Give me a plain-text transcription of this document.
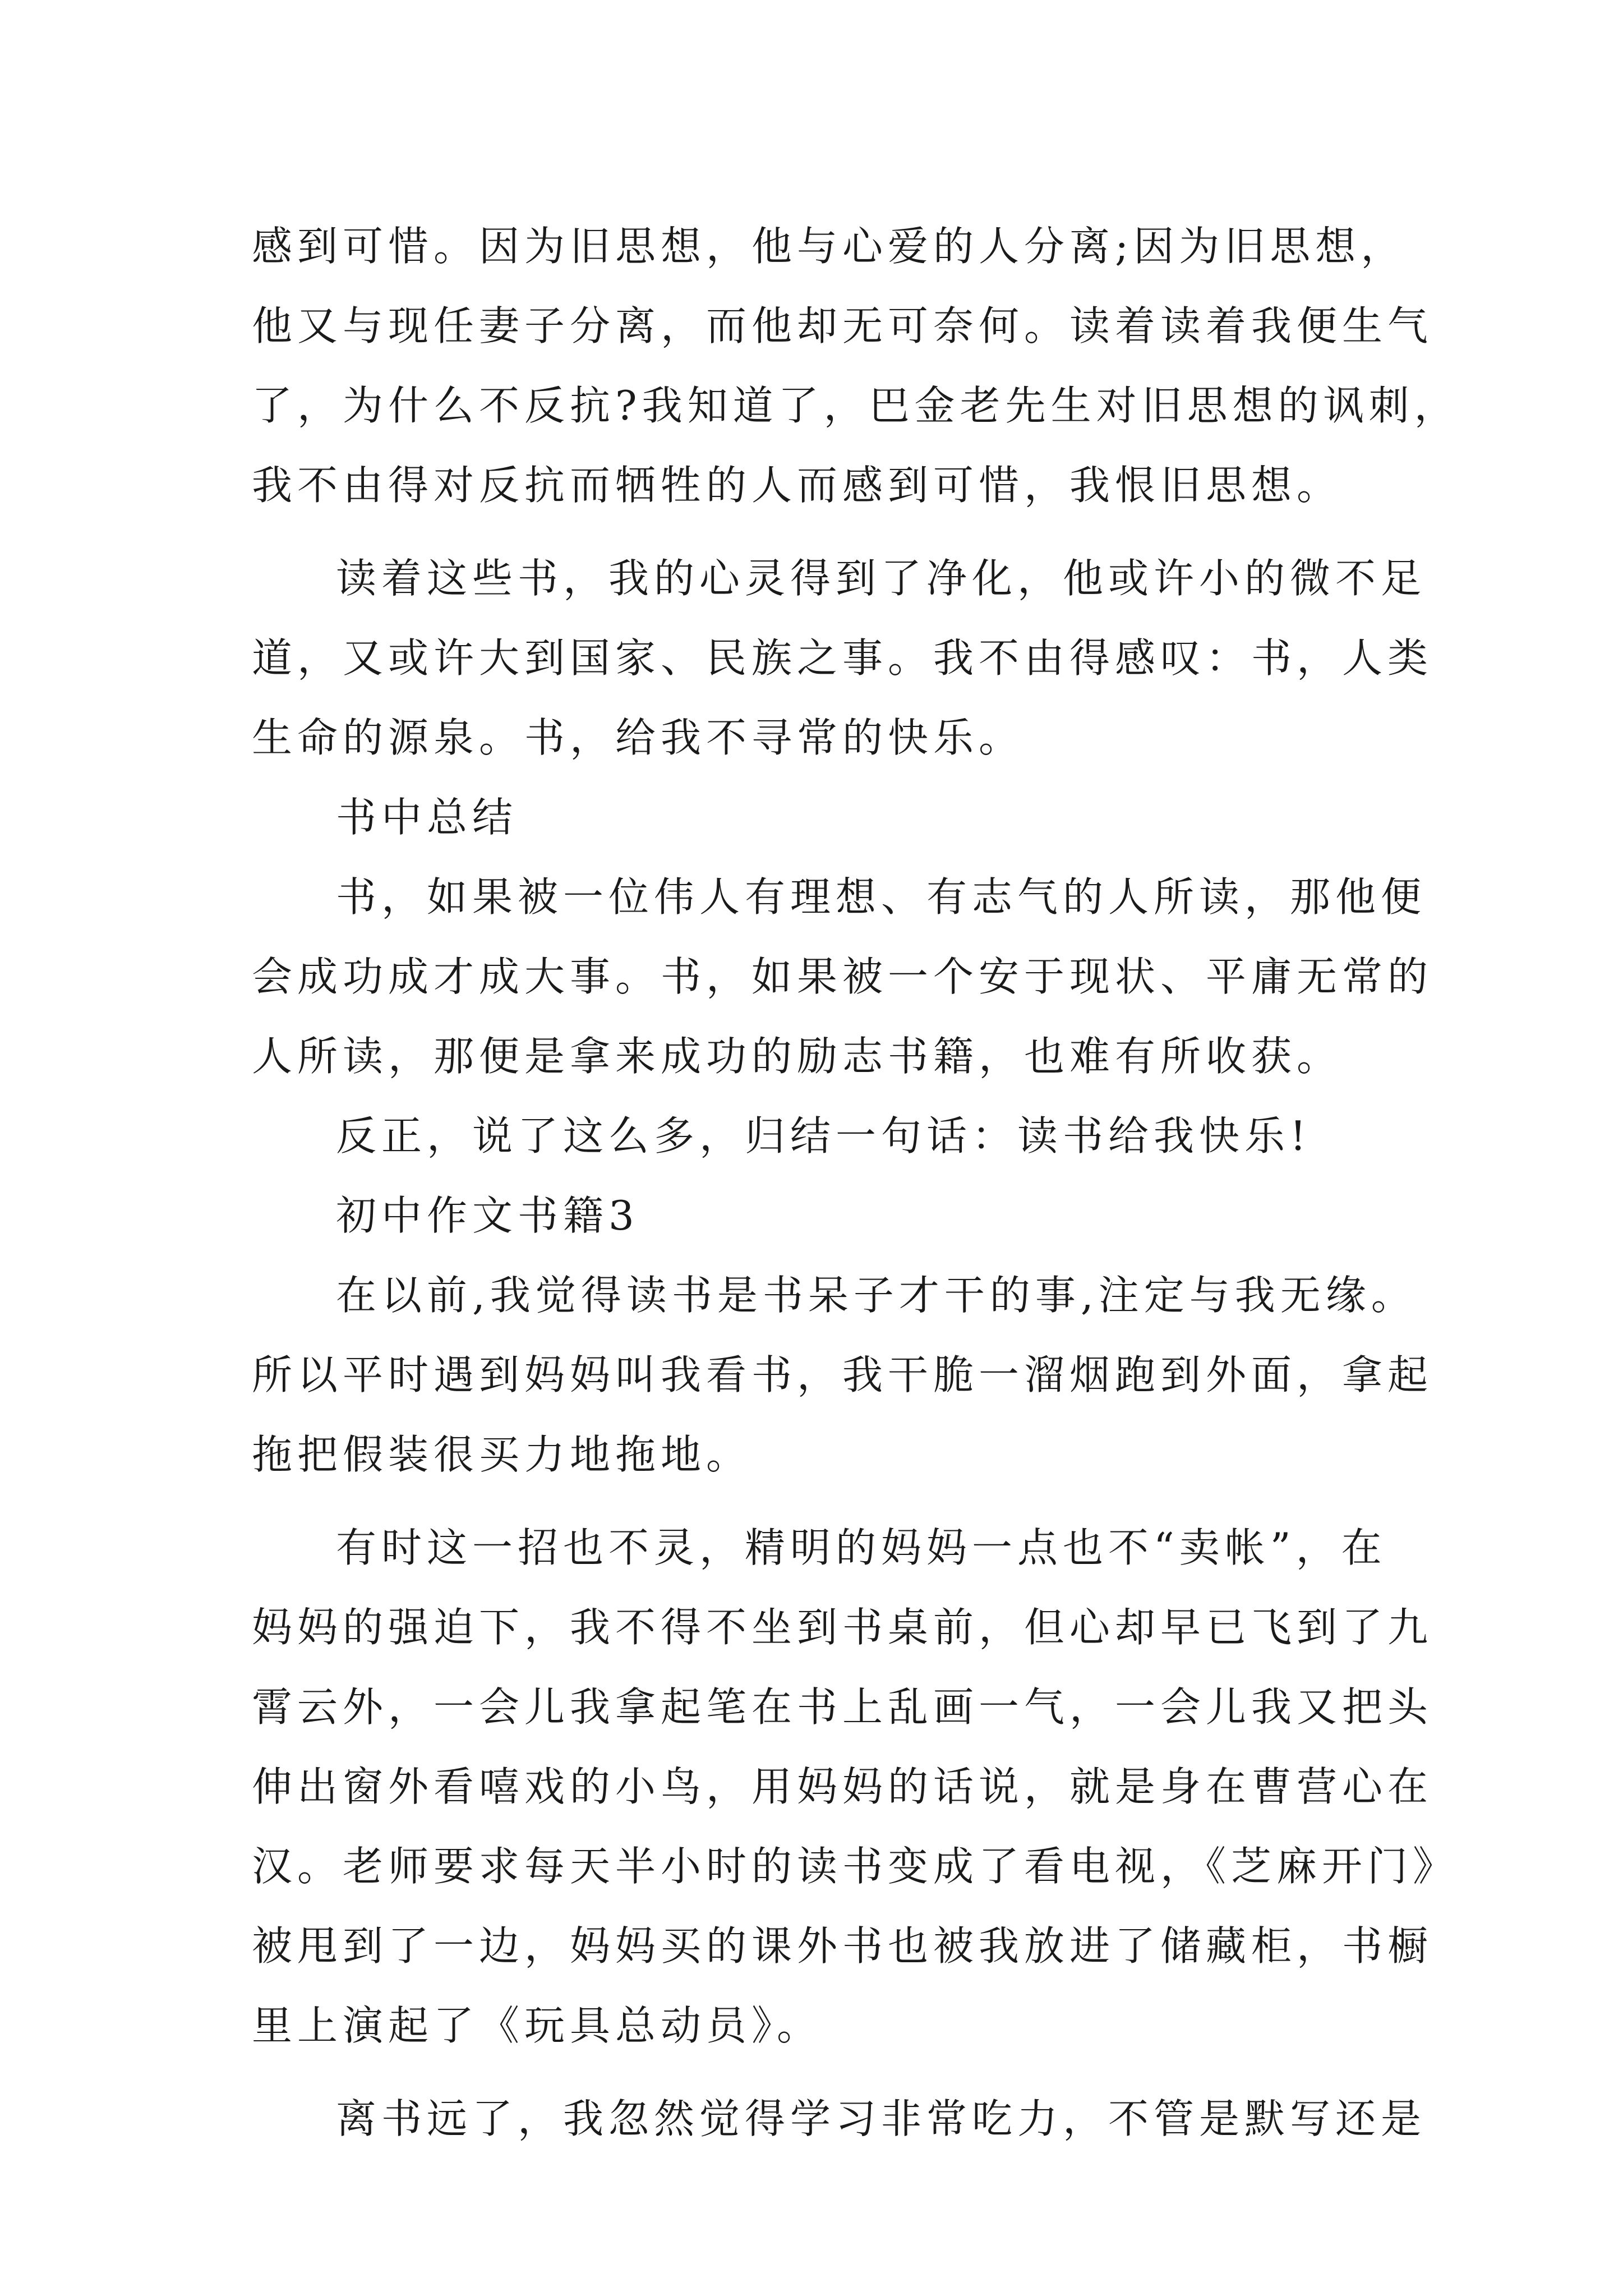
感到可惜。因为旧思想，他与心爱的人分离;因为旧思想，
他又与现任妻子分离，而他却无可奈何。读着读着我便生气
了，为什么不反抗?我知道了，巴金老先生对旧思想的讽刺，
我不由得对反抗而牺牲的人而感到可惜，我恨旧思想。
读着这些书，我的心灵得到了净化，他或许小的微不足
道，又或许大到国家、民族之事。我不由得感叹：书，人类
生命的源泉。书，给我不寻常的快乐。
书中总结
书，如果被一位伟人有理想、有志气的人所读，那他便
会成功成才成大事。书，如果被一个安于现状、平庸无常的
人所读，那便是拿来成功的励志书籍，也难有所收获。
反正，说了这么多，归结一句话：读书给我快乐!
初中作文书籍3
在以前,我觉得读书是书呆子才干的事,注定与我无缘。
所以平时遇到妈妈叫我看书，我干脆一溜烟跑到外面，拿起
拖把假装很买力地拖地。
有时这一招也不灵，精明的妈妈一点也不“卖帐”，在
妈妈的强迫下，我不得不坐到书桌前，但心却早已飞到了九
霄云外，一会儿我拿起笔在书上乱画一气，一会儿我又把头
伸出窗外看嘻戏的小鸟，用妈妈的话说，就是身在曹营心在
汉。老师要求每天半小时的读书变成了看电视，《芝麻开门》
被甩到了一边，妈妈买的课外书也被我放进了储藏柜，书橱
里上演起了《玩具总动员》。
离书远了，我忽然觉得学习非常吃力，不管是默写还是
